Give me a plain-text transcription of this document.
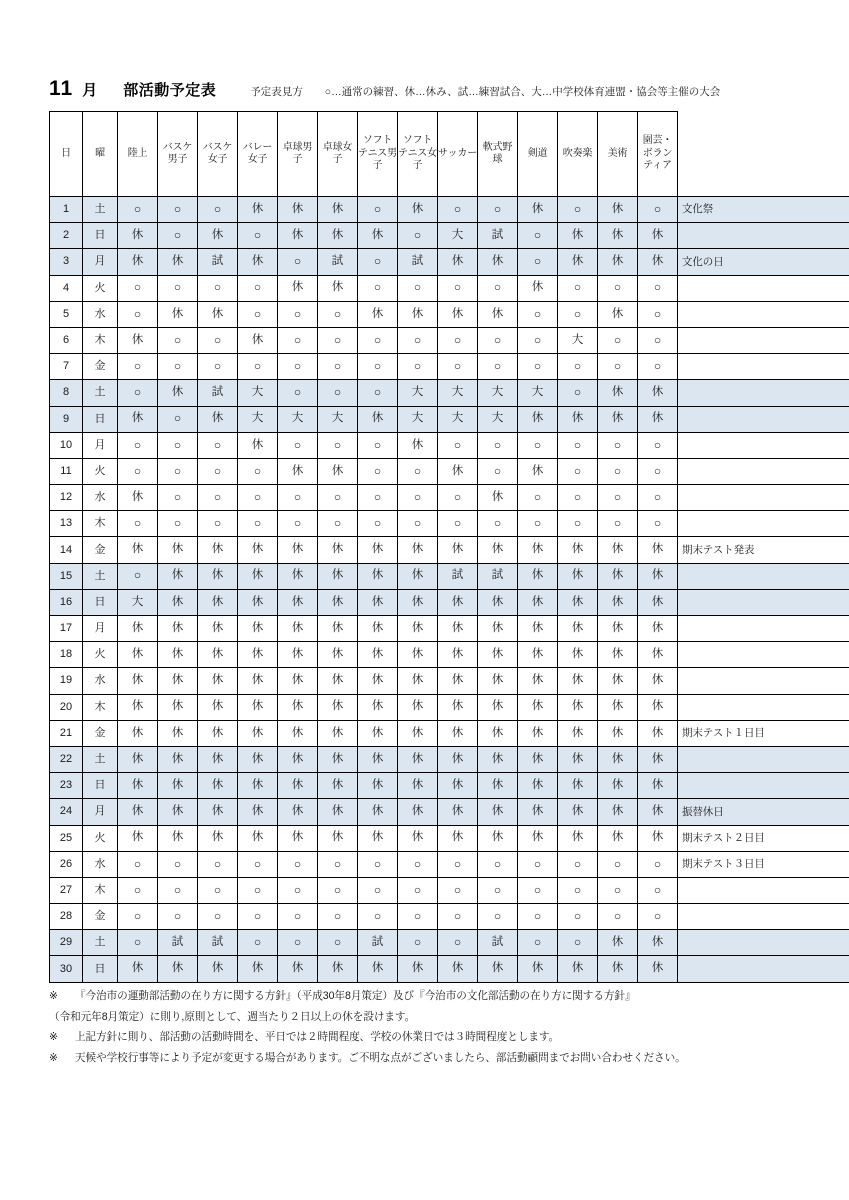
11 月 部活動予定表	予定表見方 ○…通常の練習、休…休み、試…練習試合、大…中学校体育連盟・協会等主催の大会
日	曜	陸上	バスケ男子	バスケ女子	バレー女子	卓球男子	卓球女子	ソフトテニス男子	ソフトテニス女子	サッカー	軟式野球	剣道	吹奏楽	美術	園芸・ボランティア	
1	土	○	○	○	休	休	休	○	休	○	○	休	○	休	○	文化祭
2	日	休	○	休	○	休	休	休	○	大	試	○	休	休	休	
3	月	休	休	試	休	○	試	○	試	休	休	○	休	休	休	文化の日
4	火	○	○	○	○	休	休	○	○	○	○	休	○	○	○	
5	水	○	休	休	○	○	○	休	休	休	休	○	○	休	○	
6	木	休	○	○	休	○	○	○	○	○	○	○	大	○	○	
7	金	○	○	○	○	○	○	○	○	○	○	○	○	○	○	
8	土	○	休	試	大	○	○	○	大	大	大	大	○	休	休	
9	日	休	○	休	大	大	大	休	大	大	大	休	休	休	休	
10	月	○	○	○	休	○	○	○	休	○	○	○	○	○	○	
11	火	○	○	○	○	休	休	○	○	休	○	休	○	○	○	
12	水	休	○	○	○	○	○	○	○	○	休	○	○	○	○	
13	木	○	○	○	○	○	○	○	○	○	○	○	○	○	○	
14	金	休	休	休	休	休	休	休	休	休	休	休	休	休	休	期末テスト発表
15	土	○	休	休	休	休	休	休	休	試	試	休	休	休	休	
16	日	大	休	休	休	休	休	休	休	休	休	休	休	休	休	
17	月	休	休	休	休	休	休	休	休	休	休	休	休	休	休	
18	火	休	休	休	休	休	休	休	休	休	休	休	休	休	休	
19	水	休	休	休	休	休	休	休	休	休	休	休	休	休	休	
20	木	休	休	休	休	休	休	休	休	休	休	休	休	休	休	
21	金	休	休	休	休	休	休	休	休	休	休	休	休	休	休	期末テスト１日目
22	土	休	休	休	休	休	休	休	休	休	休	休	休	休	休	
23	日	休	休	休	休	休	休	休	休	休	休	休	休	休	休	
24	月	休	休	休	休	休	休	休	休	休	休	休	休	休	休	振替休日
25	火	休	休	休	休	休	休	休	休	休	休	休	休	休	休	期末テスト２日目
26	水	○	○	○	○	○	○	○	○	○	○	○	○	○	○	期末テスト３日目
27	木	○	○	○	○	○	○	○	○	○	○	○	○	○	○	
28	金	○	○	○	○	○	○	○	○	○	○	○	○	○	○	
29	土	○	試	試	○	○	○	試	○	○	試	○	○	休	休	
30	日	休	休	休	休	休	休	休	休	休	休	休	休	休	休	
※ 『今治市の運動部活動の在り方に関する方針』（平成30年8月策定）及び『今治市の文化部活動の在り方に関する方針』
（令和元年8月策定）に則り,原則として、週当たり２日以上の休を設けます。
※ 上記方針に則り、部活動の活動時間を、平日では２時間程度、学校の休業日では３時間程度とします。
※ 天候や学校行事等により予定が変更する場合があります。ご不明な点がございましたら、部活動顧問までお問い合わせください。
